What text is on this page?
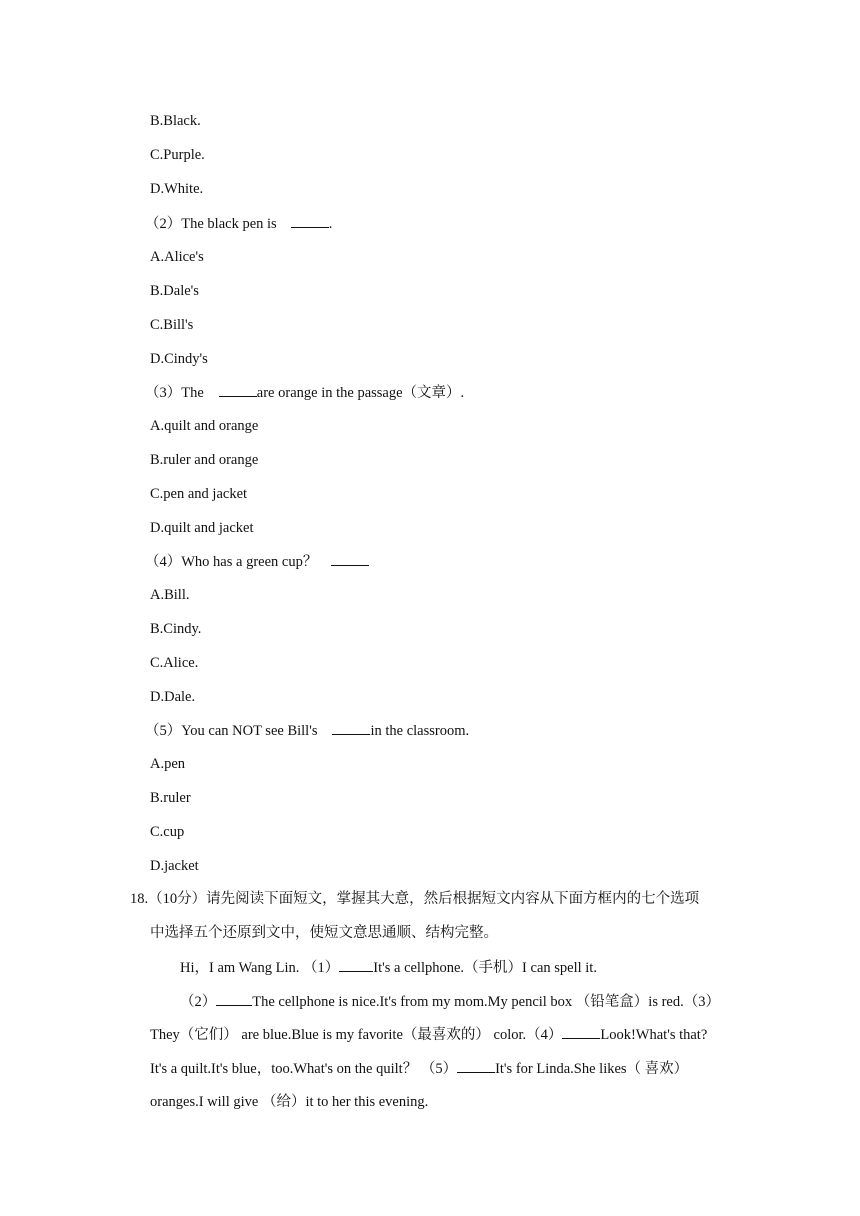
B.Black.
C.Purple.
D.White.
（2）The black pen is	.
A.Alice's
B.Dale's
C.Bill's
D.Cindy's
（3）The	are orange in the passage（文章）.
A.quilt and orange
B.ruler and orange
C.pen and jacket
D.quilt and jacket
（4）Who has a green cup？
A.Bill.
B.Cindy.
C.Alice.
D.Dale.
（5）You can NOT see Bill's	in the classroom.
A.pen
B.ruler
C.cup
D.jacket
18.（10分）请先阅读下面短文，掌握其大意，然后根据短文内容从下面方框内的七个选项
中选择五个还原到文中，使短文意思通顺、结构完整。
Hi，I am Wang Lin. （1） It's a cellphone.（手机）I can spell it.
（2） The cellphone is nice.It's from my mom.My pencil box （铅笔盒）is red.（3）
They（它们） are blue.Blue is my favorite（最喜欢的） color.（4）	Look!What's that?
It's a quilt.It's blue，too.What's on the quilt？ （5）	It's for Linda.She likes（ 喜欢）
oranges.I will give （给）it to her this evening.
